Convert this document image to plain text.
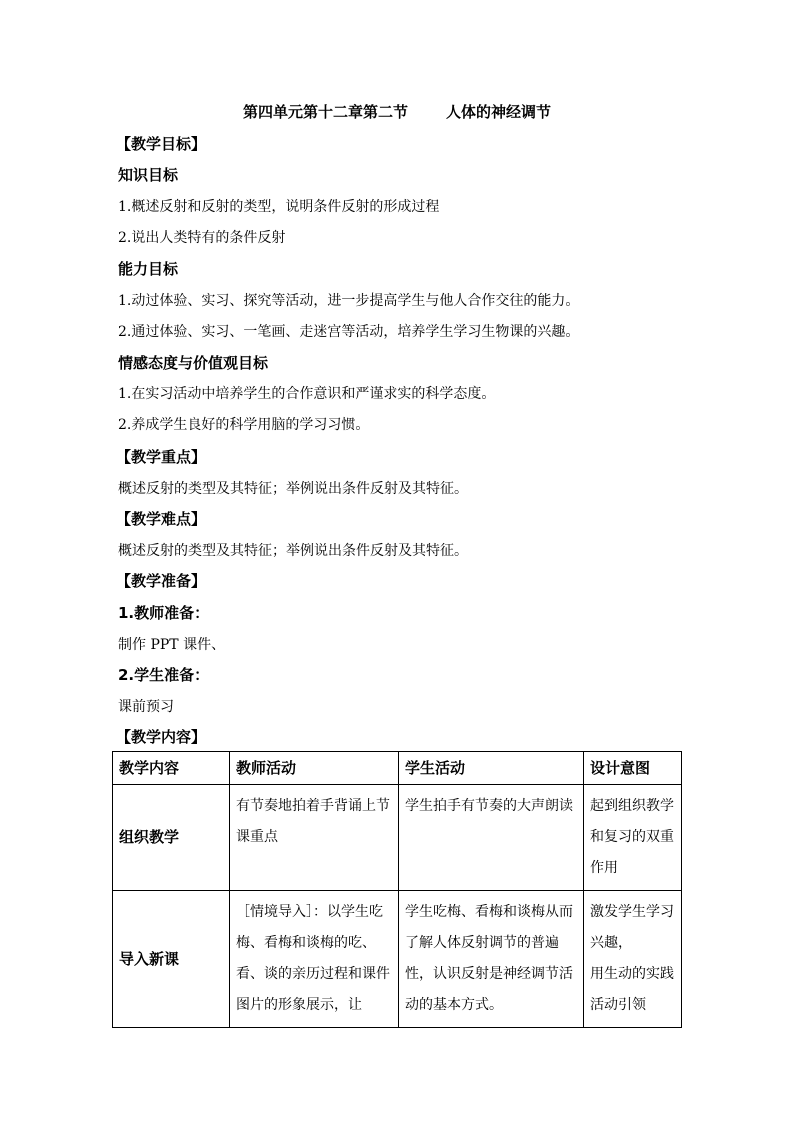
第四单元第十二章第二节	人体的神经调节
【教学目标】
知识目标
1.概述反射和反射的类型，说明条件反射的形成过程
2.说出人类特有的条件反射
能力目标
1.动过体验、实习、探究等活动，进一步提高学生与他人合作交往的能力。
2.通过体验、实习、一笔画、走迷宫等活动，培养学生学习生物课的兴趣。
情感态度与价值观目标
1.在实习活动中培养学生的合作意识和严谨求实的科学态度。
2.养成学生良好的科学用脑的学习习惯。
【教学重点】
概述反射的类型及其特征；举例说出条件反射及其特征。
【教学难点】
概述反射的类型及其特征；举例说出条件反射及其特征。
【教学准备】
1.教师准备：
制作 PPT 课件、
2.学生准备：
课前预习
【教学内容】
教学内容	教师活动	学生活动	设计意图
组织教学	有节奏地拍着手背诵上节课重点	学生拍手有节奏的大声朗读	起到组织教学和复习的双重作用
导入新课	［情境导入］：以学生吃梅、看梅和谈梅的吃、看、谈的亲历过程和课件图片的形象展示，让	学生吃梅、看梅和谈梅从而 了解人体反射调节的普遍性，认识反射是神经调节活动的基本方式。	激发学生学习兴趣，

用生动的实践活动引领
